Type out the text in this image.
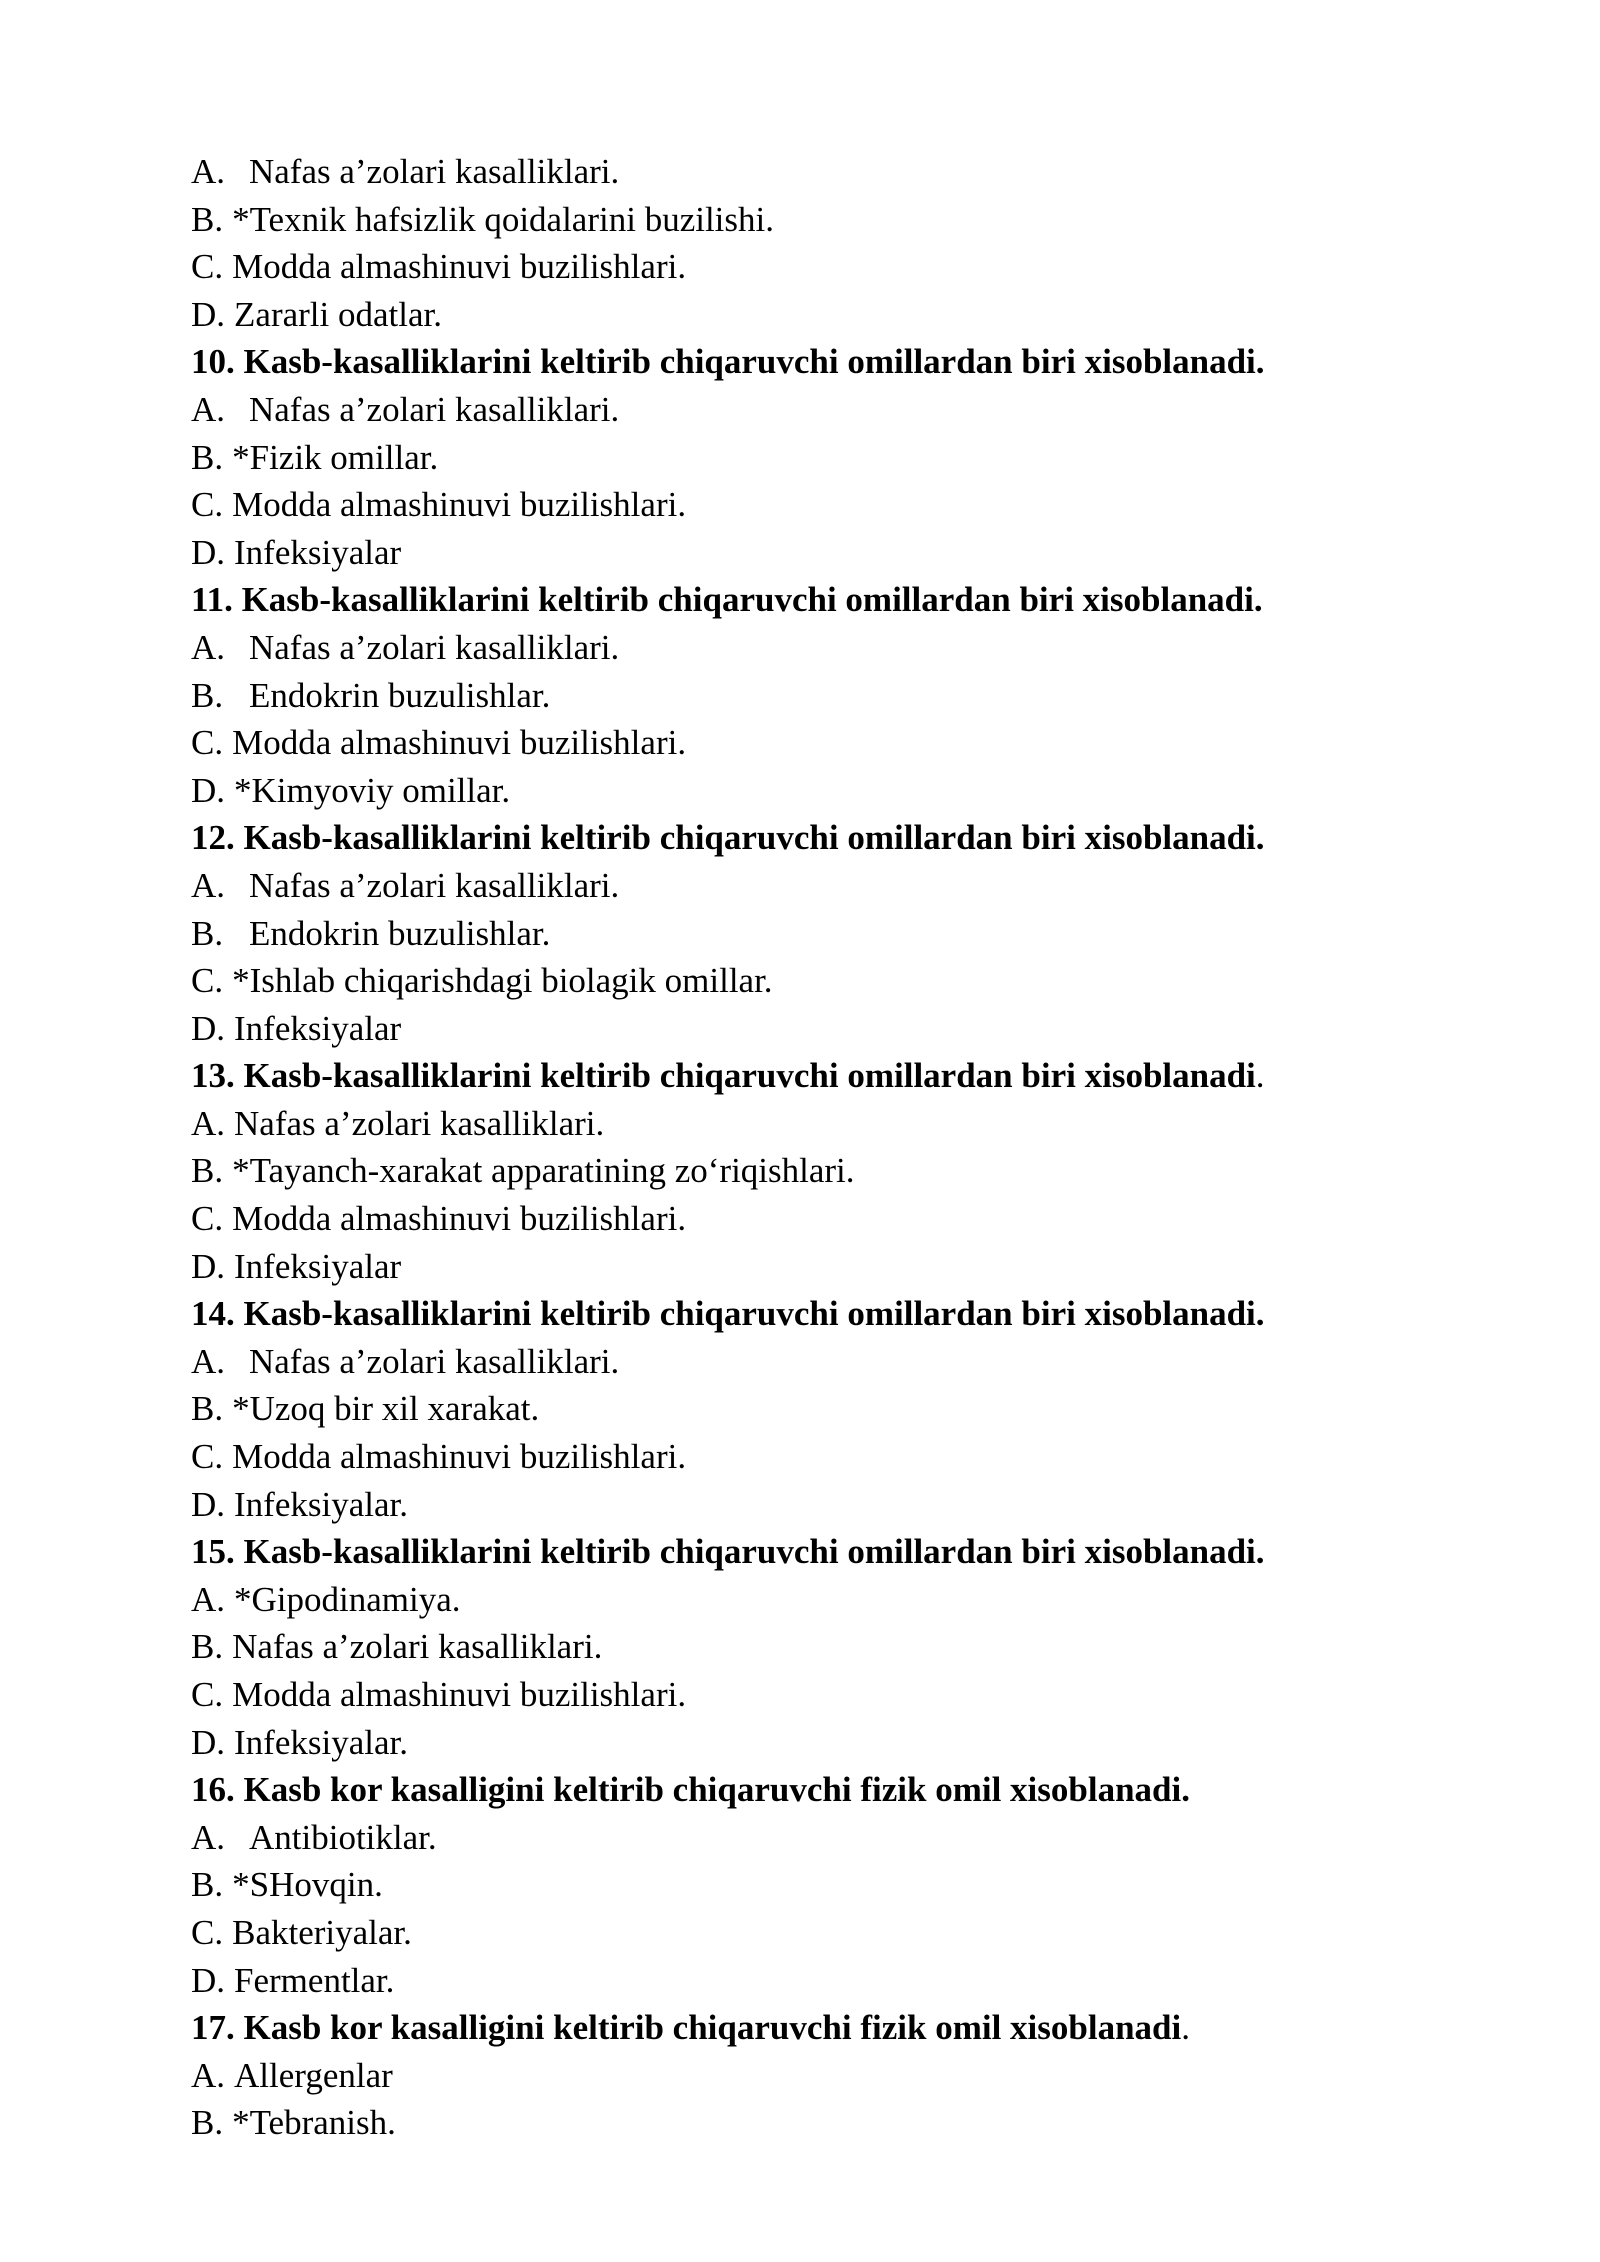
A. Nafas a’zolari kasalliklari.
B. *Texnik hafsizlik qoidalarini buzilishi.
C. Modda almashinuvi buzilishlari.
D. Zararli odatlar.
10. Kasb-kasalliklarini keltirib chiqaruvchi omillardan biri xisoblanadi.
A. Nafas a’zolari kasalliklari.
B. *Fizik omillar.
C. Modda almashinuvi buzilishlari.
D. Infeksiyalar
11. Kasb-kasalliklarini keltirib chiqaruvchi omillardan biri xisoblanadi.
A. Nafas a’zolari kasalliklari.
B. Endokrin buzulishlar.
C. Modda almashinuvi buzilishlari.
D. *Kimyoviy omillar.
12. Kasb-kasalliklarini keltirib chiqaruvchi omillardan biri xisoblanadi.
A. Nafas a’zolari kasalliklari.
B. Endokrin buzulishlar.
C. *Ishlab chiqarishdagi biolagik omillar.
D. Infeksiyalar
13. Kasb-kasalliklarini keltirib chiqaruvchi omillardan biri xisoblanadi.
A. Nafas a’zolari kasalliklari.
B. *Tayanch-xarakat apparatining zo‘riqishlari.
C. Modda almashinuvi buzilishlari.
D. Infeksiyalar
14. Kasb-kasalliklarini keltirib chiqaruvchi omillardan biri xisoblanadi.
A. Nafas a’zolari kasalliklari.
B. *Uzoq bir xil xarakat.
C. Modda almashinuvi buzilishlari.
D. Infeksiyalar.
15. Kasb-kasalliklarini keltirib chiqaruvchi omillardan biri xisoblanadi.
A. *Gipodinamiya.
B. Nafas a’zolari kasalliklari.
C. Modda almashinuvi buzilishlari.
D. Infeksiyalar.
16. Kasb kor kasalligini keltirib chiqaruvchi fizik omil xisoblanadi.
A. Antibiotiklar.
B. *SHovqin.
C. Bakteriyalar.
D. Fermentlar.
17. Kasb kor kasalligini keltirib chiqaruvchi fizik omil xisoblanadi.
A. Allergenlar
B. *Tebranish.
